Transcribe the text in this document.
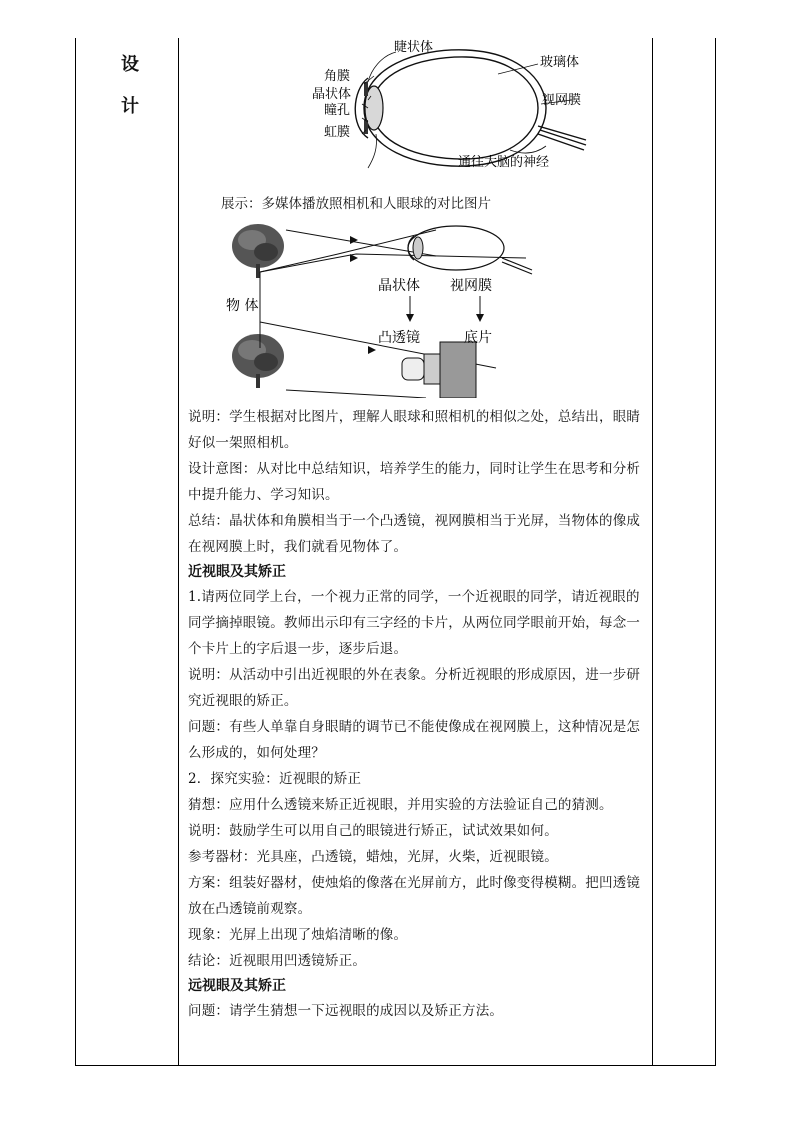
设
计
睫状体
角膜
晶状体
瞳孔
虹膜
玻璃体
视网膜
通往大脑的神经
展示：多媒体播放照相机和人眼球的对比图片
物 体
晶状体 视网膜
凸透镜	底片

说明：学生根据对比图片，理解人眼球和照相机的相似之处，总结出，眼睛好似一架照相机。

设计意图：从对比中总结知识，培养学生的能力，同时让学生在思考和分析中提升能力、学习知识。

总结：晶状体和角膜相当于一个凸透镜，视网膜相当于光屏，当物体的像成在视网膜上时，我们就看见物体了。

近视眼及其矫正

1.请两位同学上台，一个视力正常的同学，一个近视眼的同学，请近视眼的同学摘掉眼镜。教师出示印有三字经的卡片，从两位同学眼前开始，每念一个卡片上的字后退一步，逐步后退。

说明：从活动中引出近视眼的外在表象。分析近视眼的形成原因，进一步研究近视眼的矫正。

问题：有些人单靠自身眼睛的调节已不能使像成在视网膜上，这种情况是怎么形成的，如何处理？

2．探究实验：近视眼的矫正

猜想：应用什么透镜来矫正近视眼，并用实验的方法验证自己的猜测。

说明：鼓励学生可以用自己的眼镜进行矫正，试试效果如何。

参考器材：光具座，凸透镜，蜡烛，光屏，火柴，近视眼镜。

方案：组装好器材，使烛焰的像落在光屏前方，此时像变得模糊。把凹透镜放在凸透镜前观察。

现象：光屏上出现了烛焰清晰的像。

结论：近视眼用凹透镜矫正。

远视眼及其矫正

问题：请学生猜想一下远视眼的成因以及矫正方法。
